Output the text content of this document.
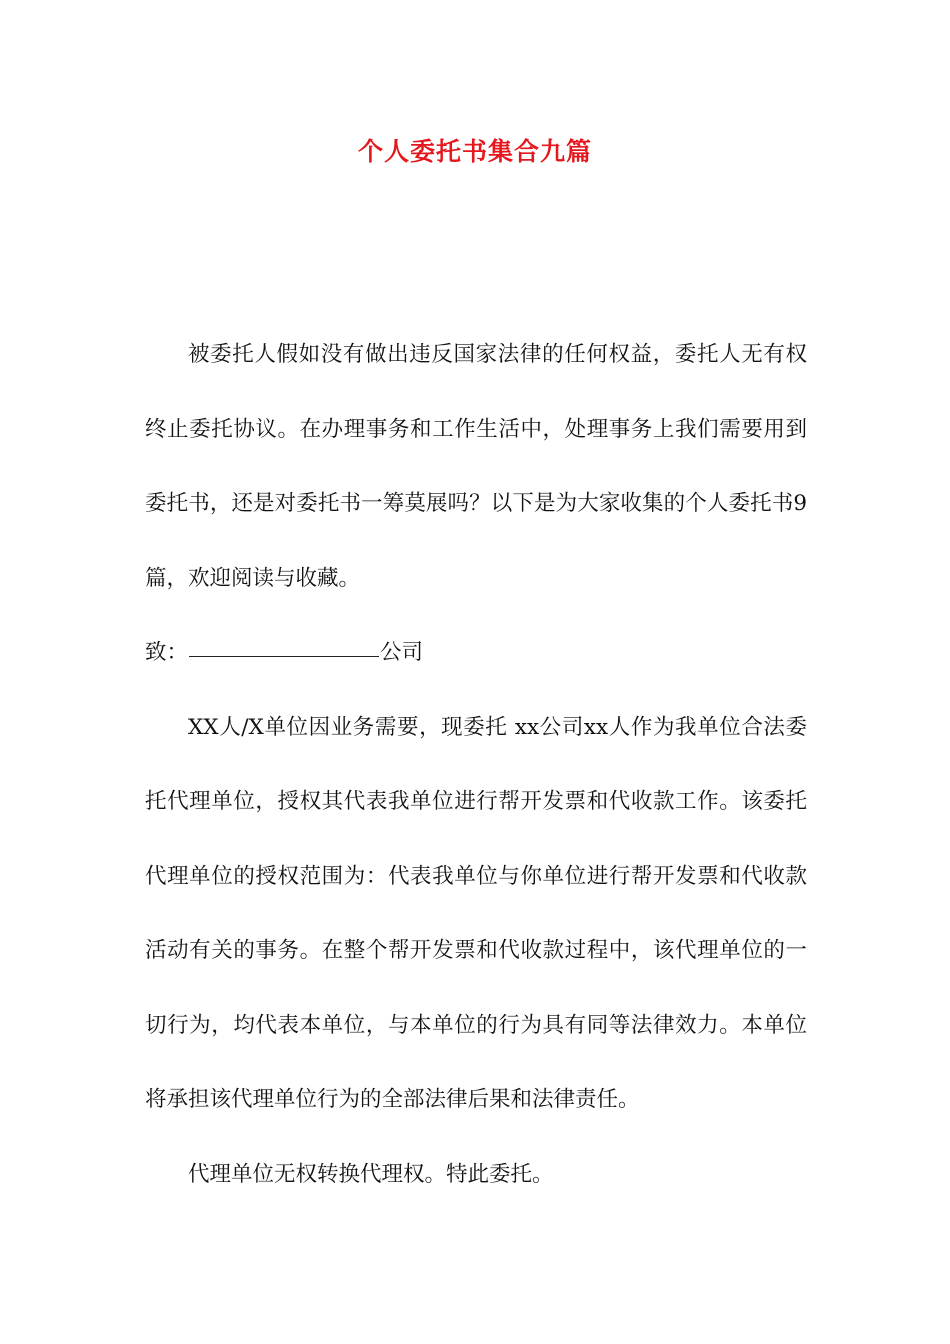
个人委托书集合九篇

被委托人假如没有做出违反国家法律的任何权益，委托人无有权终止委托协议。在办理事务和工作生活中，处理事务上我们需要用到委托书，还是对委托书一筹莫展吗？以下是为大家收集的个人委托书9篇，欢迎阅读与收藏。

致：	公司

XX人/X单位因业务需要，现委托 xx公司xx人作为我单位合法委托代理单位，授权其代表我单位进行帮开发票和代收款工作。该委托代理单位的授权范围为：代表我单位与你单位进行帮开发票和代收款活动有关的事务。在整个帮开发票和代收款过程中，该代理单位的一切行为，均代表本单位，与本单位的行为具有同等法律效力。本单位将承担该代理单位行为的全部法律后果和法律责任。

代理单位无权转换代理权。特此委托。
